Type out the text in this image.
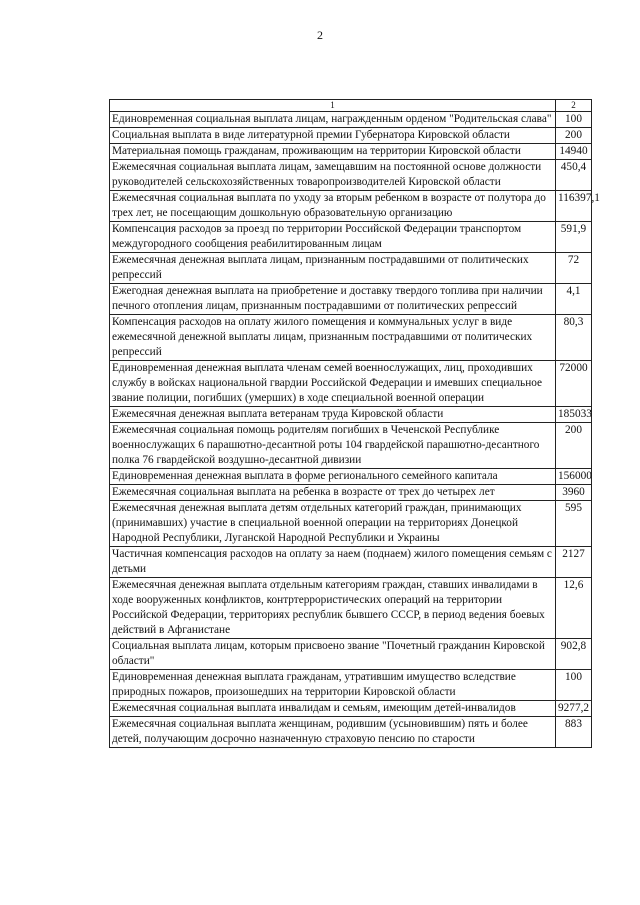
2
1	2
Единовременная социальная выплата лицам, награжденным орденом "Родительская слава"	100
Социальная выплата в виде литературной премии Губернатора Кировской области	200
Материальная помощь гражданам, проживающим на территории Кировской области	14940
Ежемесячная социальная выплата лицам, замещавшим на постоянной основе должности руководителей сельскохозяйственных товаропроизводителей Кировской области	450,4
Ежемесячная социальная выплата по уходу за вторым ребенком в возрасте от полутора до трех лет, не посещающим дошкольную образовательную организацию	116397,1
Компенсация расходов за проезд по территории Российской Федерации транспортом междугородного сообщения реабилитированным лицам	591,9
Ежемесячная денежная выплата лицам, признанным пострадавшими от политических репрессий	72
Ежегодная денежная выплата на приобретение и доставку твердого топлива при наличии печного отопления лицам, признанным пострадавшими от политических репрессий	4,1
Компенсация расходов на оплату жилого помещения и коммунальных услуг в виде ежемесячной денежной выплаты лицам, признанным пострадавшими от политических репрессий	80,3
Единовременная денежная выплата членам семей военнослужащих, лиц, проходивших службу в войсках национальной гвардии Российской Федерации и имевших специальное звание полиции, погибших (умерших) в ходе специальной военной операции	72000
Ежемесячная денежная выплата ветеранам труда Кировской области	185033
Ежемесячная социальная помощь родителям погибших в Чеченской Республике военнослужащих 6 парашютно-десантной роты 104 гвардейской парашютно-десантного полка 76 гвардейской воздушно-десантной дивизии	200
Единовременная денежная выплата в форме регионального семейного капитала	156000
Ежемесячная социальная выплата на ребенка в возрасте от трех до четырех лет	3960
Ежемесячная денежная выплата детям отдельных категорий граждан, принимающих (принимавших) участие в специальной военной операции на территориях Донецкой Народной Республики, Луганской Народной Республики и Украины	595
Частичная компенсация расходов на оплату за наем (поднаем) жилого помещения семьям с детьми	2127
Ежемесячная денежная выплата отдельным категориям граждан, ставших инвалидами в ходе вооруженных конфликтов, контртеррористических операций на территории Российской Федерации, территориях республик бывшего СССР, в период ведения боевых действий в Афганистане	12,6
Социальная выплата лицам, которым присвоено звание "Почетный гражданин Кировской области"	902,8
Единовременная денежная выплата гражданам, утратившим имущество вследствие природных пожаров, произошедших на территории Кировской области	100
Ежемесячная социальная выплата инвалидам и семьям, имеющим детей-инвалидов	9277,2
Ежемесячная социальная выплата женщинам, родившим (усыновившим) пять и более детей, получающим досрочно назначенную страховую пенсию по старости	883
